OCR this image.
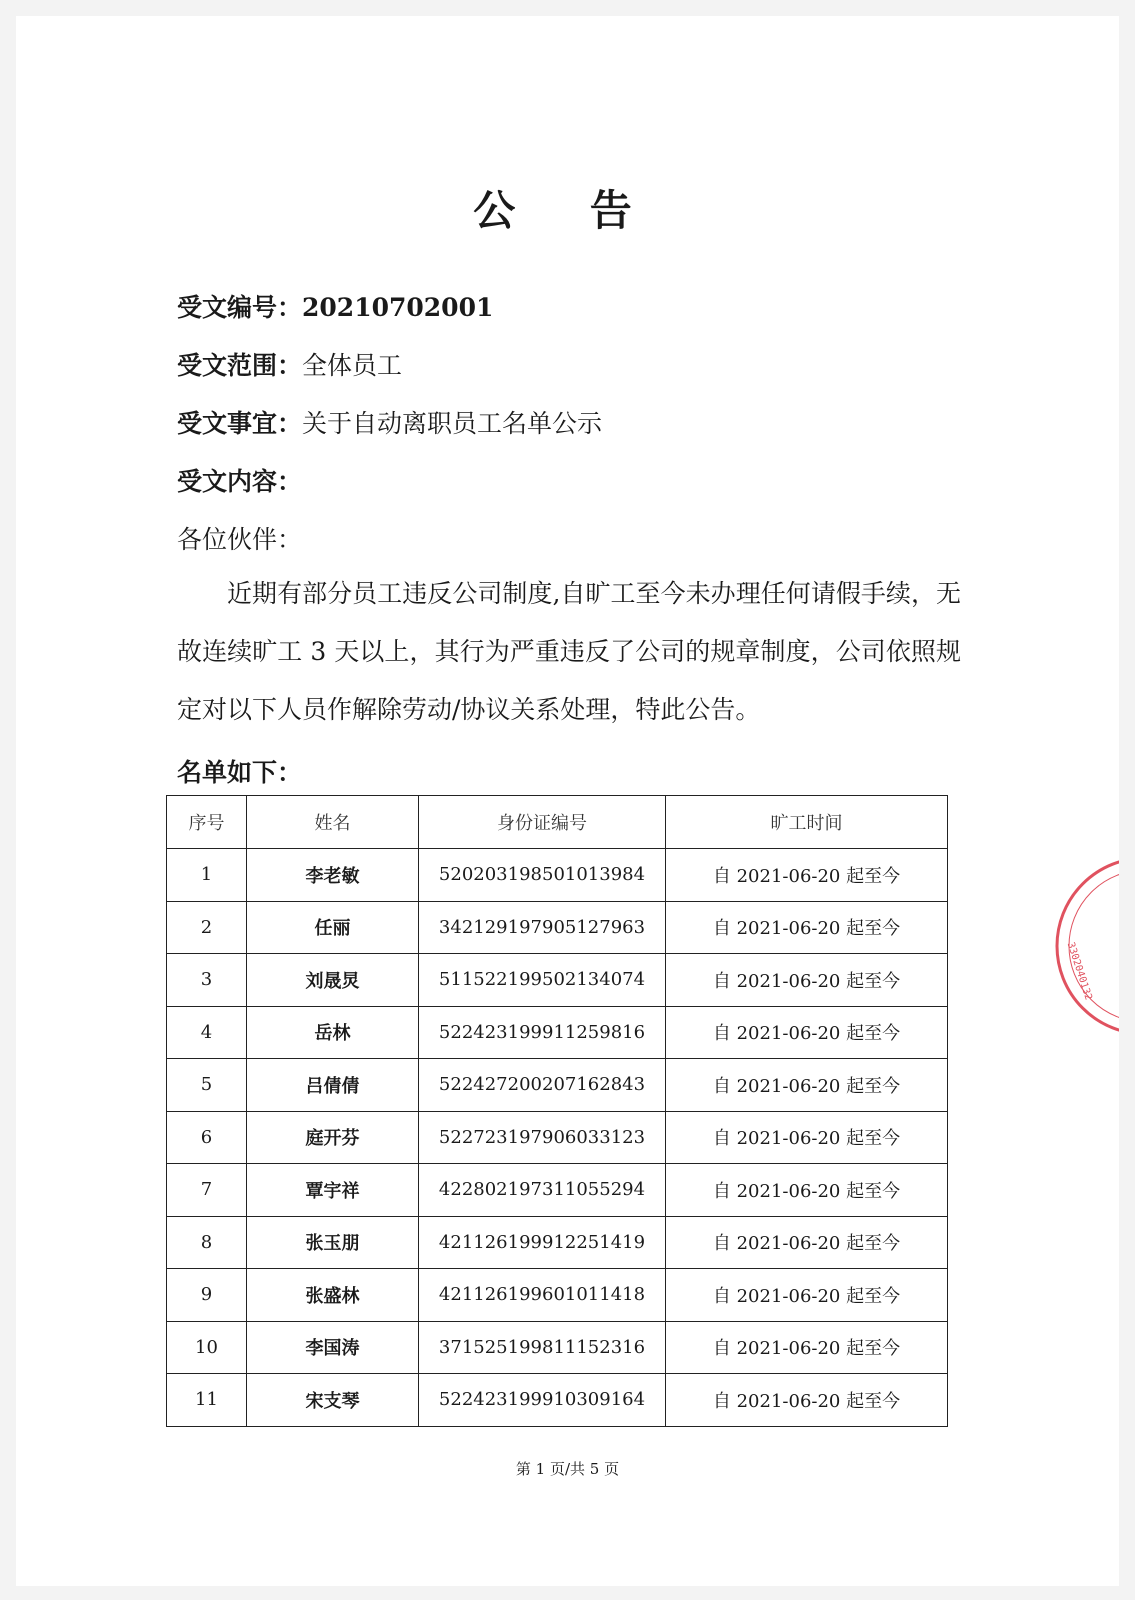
公 告
受文编号：20210702001
受文范围：全体员工
受文事宜：关于自动离职员工名单公示
受文内容：
各位伙伴：
近期有部分员工违反公司制度,自旷工至今未办理任何请假手续，无故连续旷工 3 天以上，其行为严重违反了公司的规章制度，公司依照规定对以下人员作解除劳动/协议关系处理，特此公告。
名单如下：
序号	姓名	身份证编号	旷工时间
1	李老敏	520203198501013984	自 2021-06-20 起至今
2	任丽	342129197905127963	自 2021-06-20 起至今
3	刘晟炅	511522199502134074	自 2021-06-20 起至今
4	岳林	522423199911259816	自 2021-06-20 起至今
5	吕倩倩	522427200207162843	自 2021-06-20 起至今
6	庭开芬	522723197906033123	自 2021-06-20 起至今
7	覃宇祥	422802197311055294	自 2021-06-20 起至今
8	张玉朋	421126199912251419	自 2021-06-20 起至今
9	张盛林	421126199601011418	自 2021-06-20 起至今
10	李国涛	371525199811152316	自 2021-06-20 起至今
11	宋支琴	522423199910309164	自 2021-06-20 起至今
第 1 页/共 5 页
3302040132
